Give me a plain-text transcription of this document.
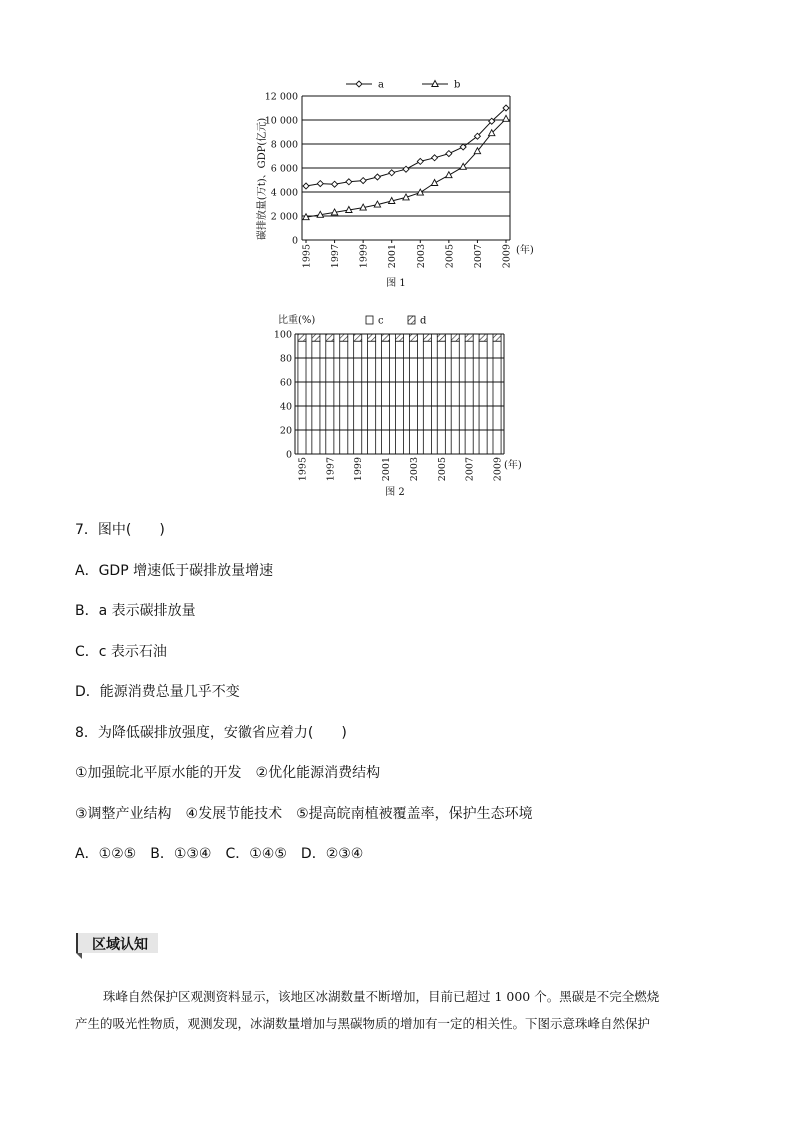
a	b
碳排放量(万t)、GDP(亿元)
0
2 000
4 000
6 000
8 000
10 000
12 000
1995 1997 1999 2001 2003 2005 2007 2009 (年)
图 1
比重(%)	c	d
0
20
40
60
80
100
1995 1997 1999 2001 2003 2005 2007 2009 (年)
图 2
7．图中(　　)
A．GDP 增速低于碳排放量增速
B．a 表示碳排放量
C．c 表示石油
D．能源消费总量几乎不变
8．为降低碳排放强度，安徽省应着力(　　)
①加强皖北平原水能的开发　②优化能源消费结构
③调整产业结构　④发展节能技术　⑤提高皖南植被覆盖率，保护生态环境
A．①②⑤　B．①③④　C．①④⑤　D．②③④
区域认知
珠峰自然保护区观测资料显示，该地区冰湖数量不断增加，目前已超过 1 000 个。黑碳是不完全燃烧
产生的吸光性物质，观测发现，冰湖数量增加与黑碳物质的增加有一定的相关性。下图示意珠峰自然保护
